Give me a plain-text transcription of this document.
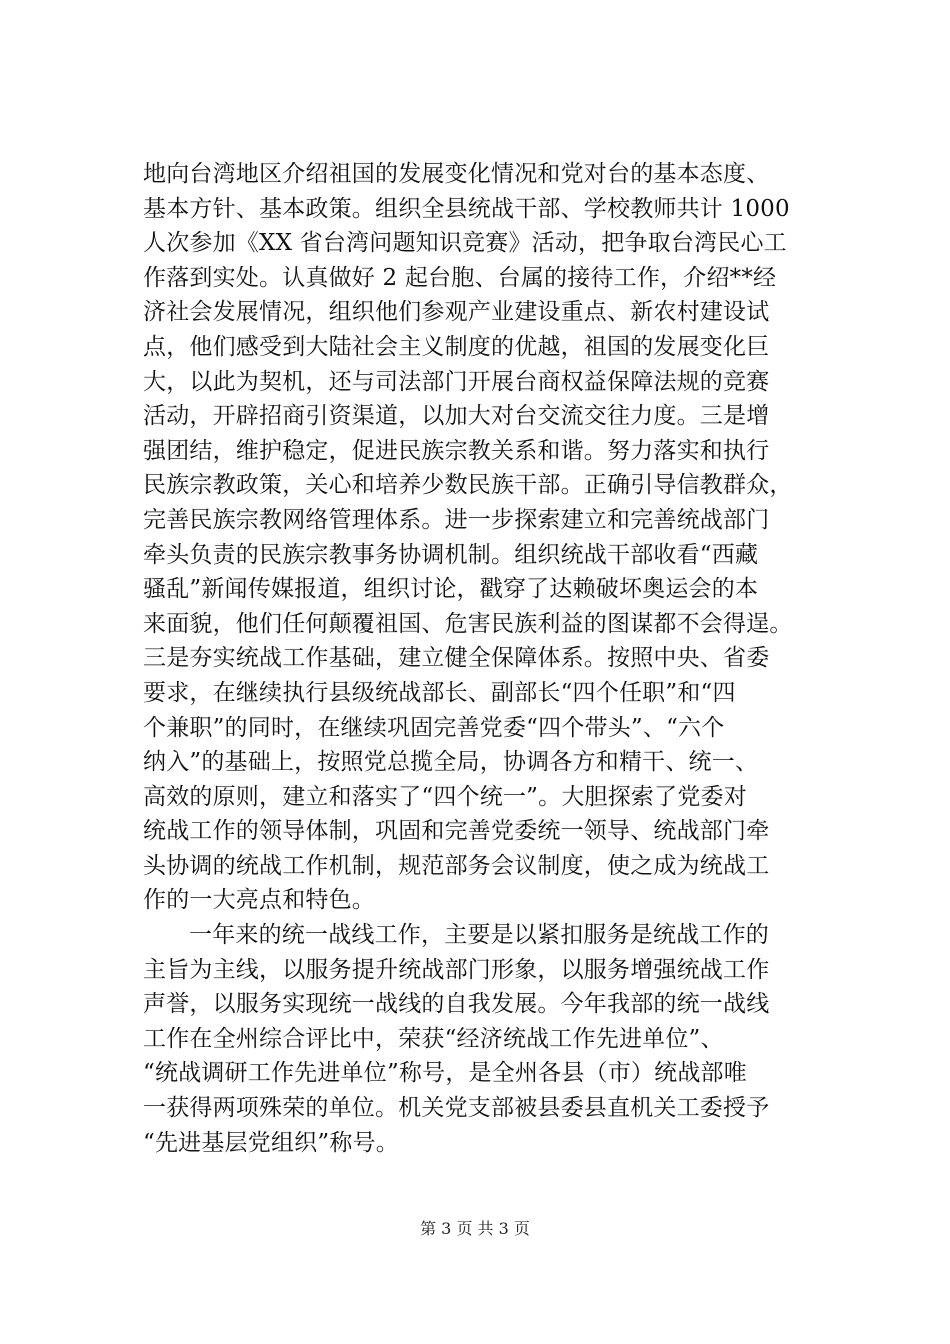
地向台湾地区介绍祖国的发展变化情况和党对台的基本态度、
基本方针、基本政策。组织全县统战干部、学校教师共计 1000
人次参加《XX 省台湾问题知识竞赛》活动，把争取台湾民心工
作落到实处。认真做好 2 起台胞、台属的接待工作，介绍**经
济社会发展情况，组织他们参观产业建设重点、新农村建设试
点，他们感受到大陆社会主义制度的优越，祖国的发展变化巨
大，以此为契机，还与司法部门开展台商权益保障法规的竞赛
活动，开辟招商引资渠道，以加大对台交流交往力度。三是增
强团结，维护稳定，促进民族宗教关系和谐。努力落实和执行
民族宗教政策，关心和培养少数民族干部。正确引导信教群众，
完善民族宗教网络管理体系。进一步探索建立和完善统战部门
牵头负责的民族宗教事务协调机制。组织统战干部收看“西藏
骚乱”新闻传媒报道，组织讨论，戳穿了达赖破坏奥运会的本
来面貌，他们任何颠覆祖国、危害民族利益的图谋都不会得逞。
三是夯实统战工作基础，建立健全保障体系。按照中央、省委
要求，在继续执行县级统战部长、副部长“四个任职”和“四
个兼职”的同时，在继续巩固完善党委“四个带头”、“六个
纳入”的基础上，按照党总揽全局，协调各方和精干、统一、
高效的原则，建立和落实了“四个统一”。大胆探索了党委对
统战工作的领导体制，巩固和完善党委统一领导、统战部门牵
头协调的统战工作机制，规范部务会议制度，使之成为统战工
作的一大亮点和特色。
一年来的统一战线工作，主要是以紧扣服务是统战工作的
主旨为主线，以服务提升统战部门形象，以服务增强统战工作
声誉，以服务实现统一战线的自我发展。今年我部的统一战线
工作在全州综合评比中，荣获“经济统战工作先进单位”、
“统战调研工作先进单位”称号，是全州各县（市）统战部唯
一获得两项殊荣的单位。机关党支部被县委县直机关工委授予
“先进基层党组织”称号。
第 3 页 共 3 页
